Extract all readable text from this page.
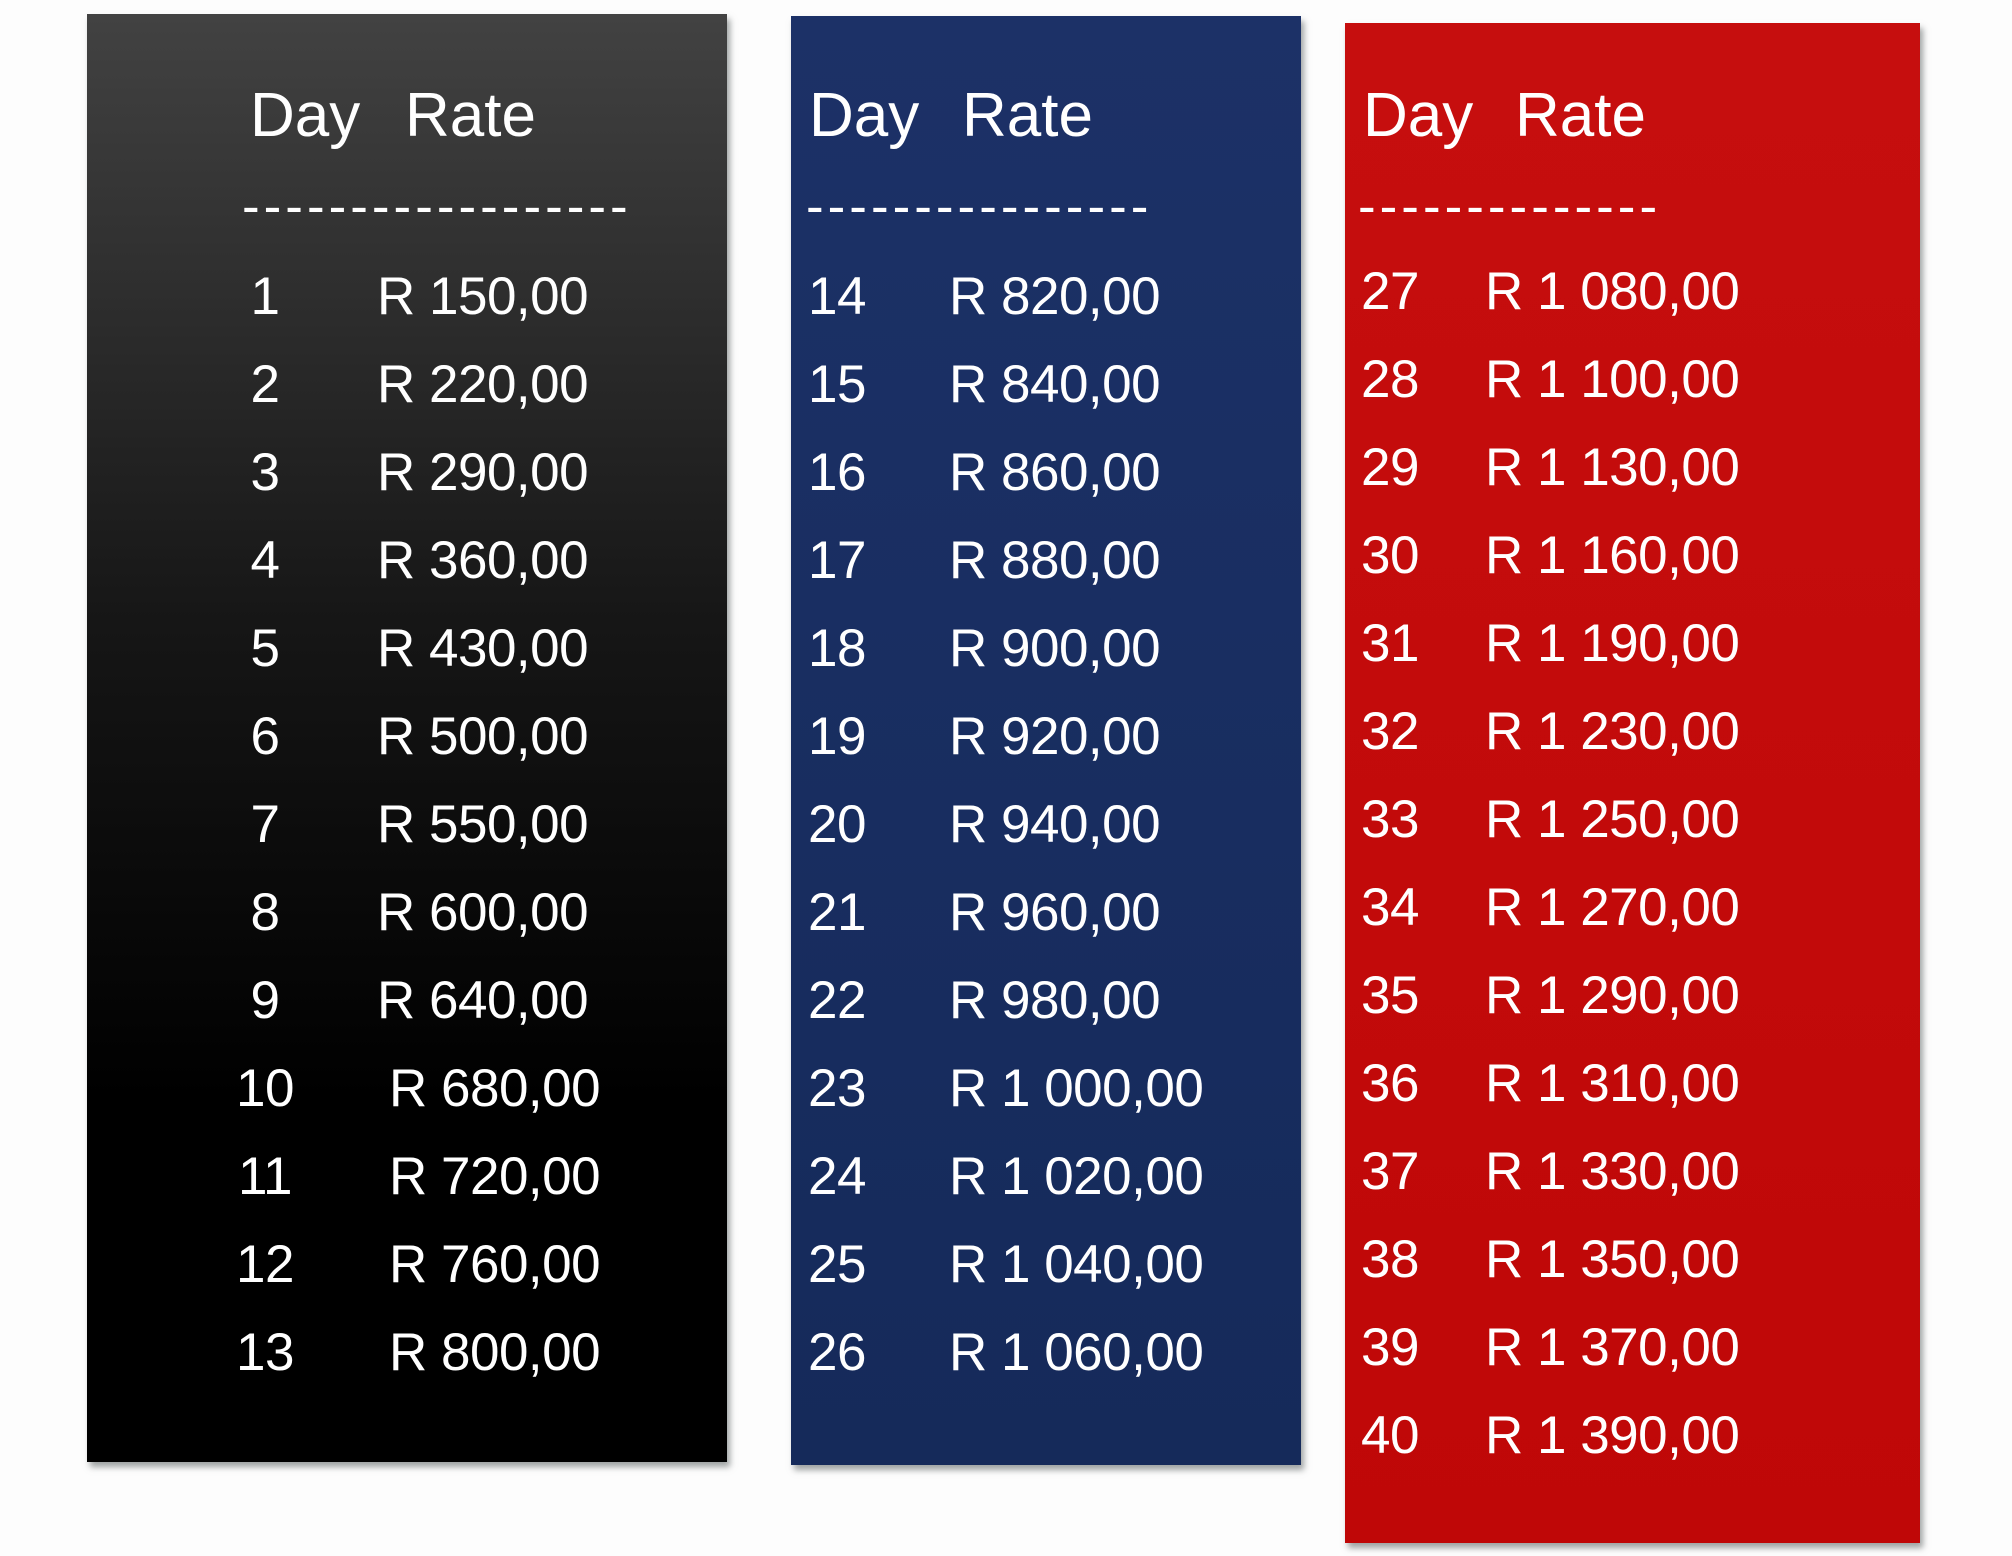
Day Rate
------------------
1	R 150,00
2	R 220,00
3	R 290,00
4	R 360,00
5	R 430,00
6	R 500,00
7	R 550,00
8	R 600,00
9	R 640,00
10	R 680,00
11	R 720,00
12	R 760,00
13	R 800,00
Day Rate
----------------
14 R 820,00
15 R 840,00
16 R 860,00
17 R 880,00
18 R 900,00
19 R 920,00
20 R 940,00
21 R 960,00
22 R 980,00
23 R 1 000,00
24 R 1 020,00
25 R 1 040,00
26 R 1 060,00
Day Rate
--------------
27 R 1 080,00
28 R 1 100,00
29 R 1 130,00
30 R 1 160,00
31 R 1 190,00
32 R 1 230,00
33 R 1 250,00
34 R 1 270,00
35 R 1 290,00
36 R 1 310,00
37 R 1 330,00
38 R 1 350,00
39 R 1 370,00
40 R 1 390,00
